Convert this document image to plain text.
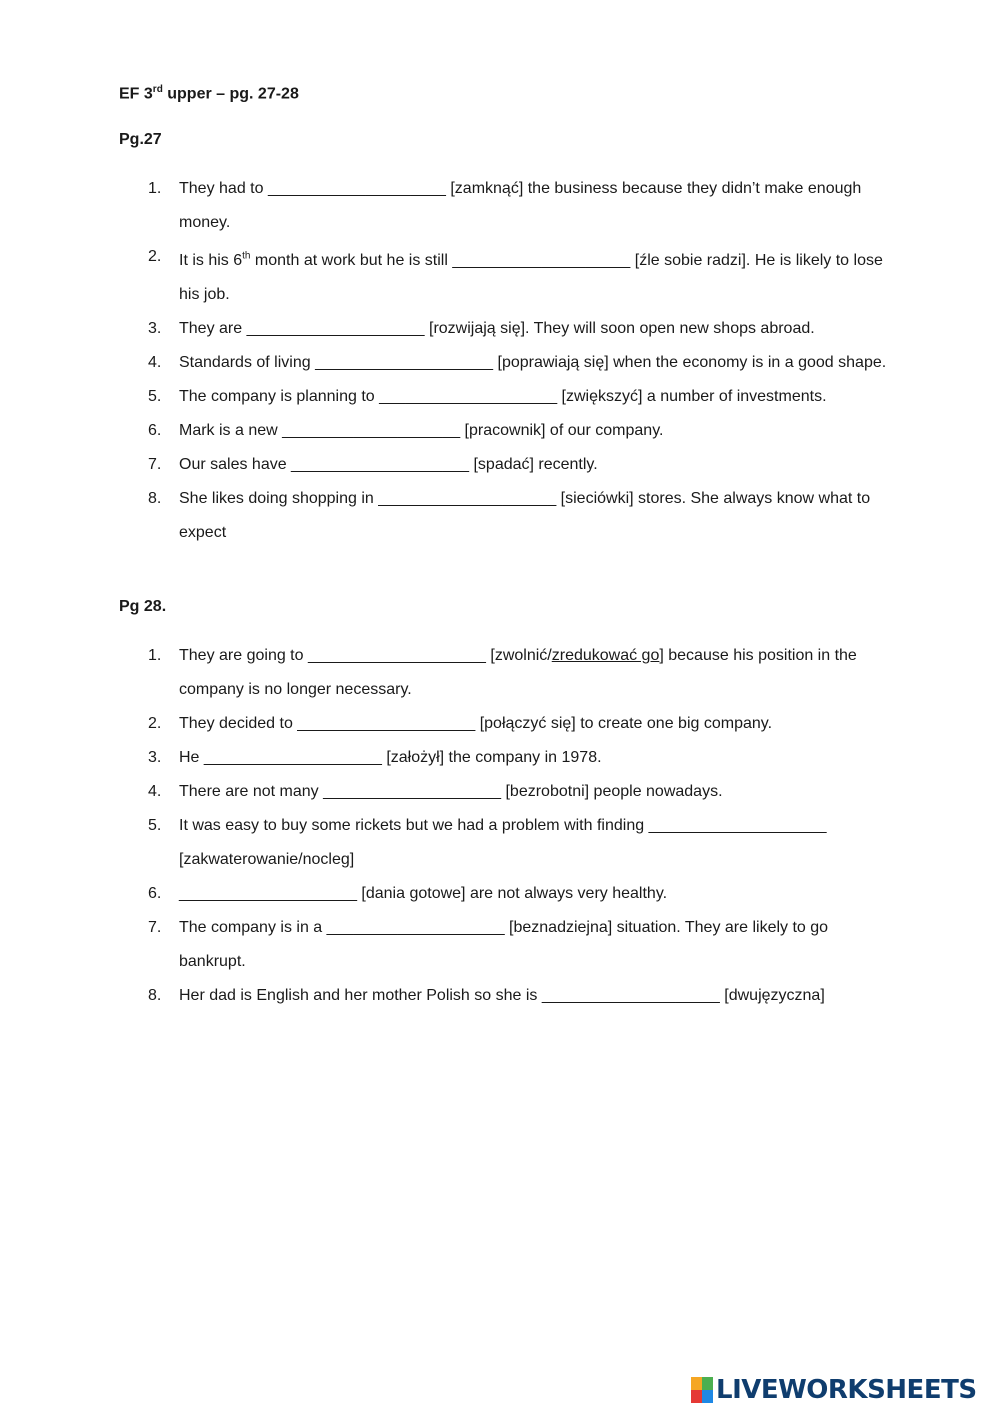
EF 3rd upper – pg. 27-28
Pg.27
1. They had to ____________________ [zamknąć] the business because they didn’t make enough money.
2. It is his 6th month at work but he is still ____________________ [źle sobie radzi]. He is likely to lose his job.
3. They are ____________________ [rozwijają się]. They will soon open new shops abroad.
4. Standards of living ____________________ [poprawiają się] when the economy is in a good shape.
5. The company is planning to ____________________ [zwiększyć] a number of investments.
6. Mark is a new ____________________ [pracownik] of our company.
7. Our sales have ____________________ [spadać] recently.
8. She likes doing shopping in ____________________ [sieciówki] stores. She always know what to expect
Pg 28.
1. They are going to ____________________ [zwolnić/zredukować go] because his position in the company is no longer necessary.
2. They decided to ____________________ [połączyć się] to create one big company.
3. He ____________________ [założył] the company in 1978.
4. There are not many ____________________ [bezrobotni] people nowadays.
5. It was easy to buy some rickets but we had a problem with finding ____________________ [zakwaterowanie/nocleg]
6. ____________________ [dania gotowe] are not always very healthy.
7. The company is in a ____________________ [beznadziejna] situation. They are likely to go bankrupt.
8. Her dad is English and her mother Polish so she is ____________________ [dwujęzyczna]
LIVEWORKSHEETS
